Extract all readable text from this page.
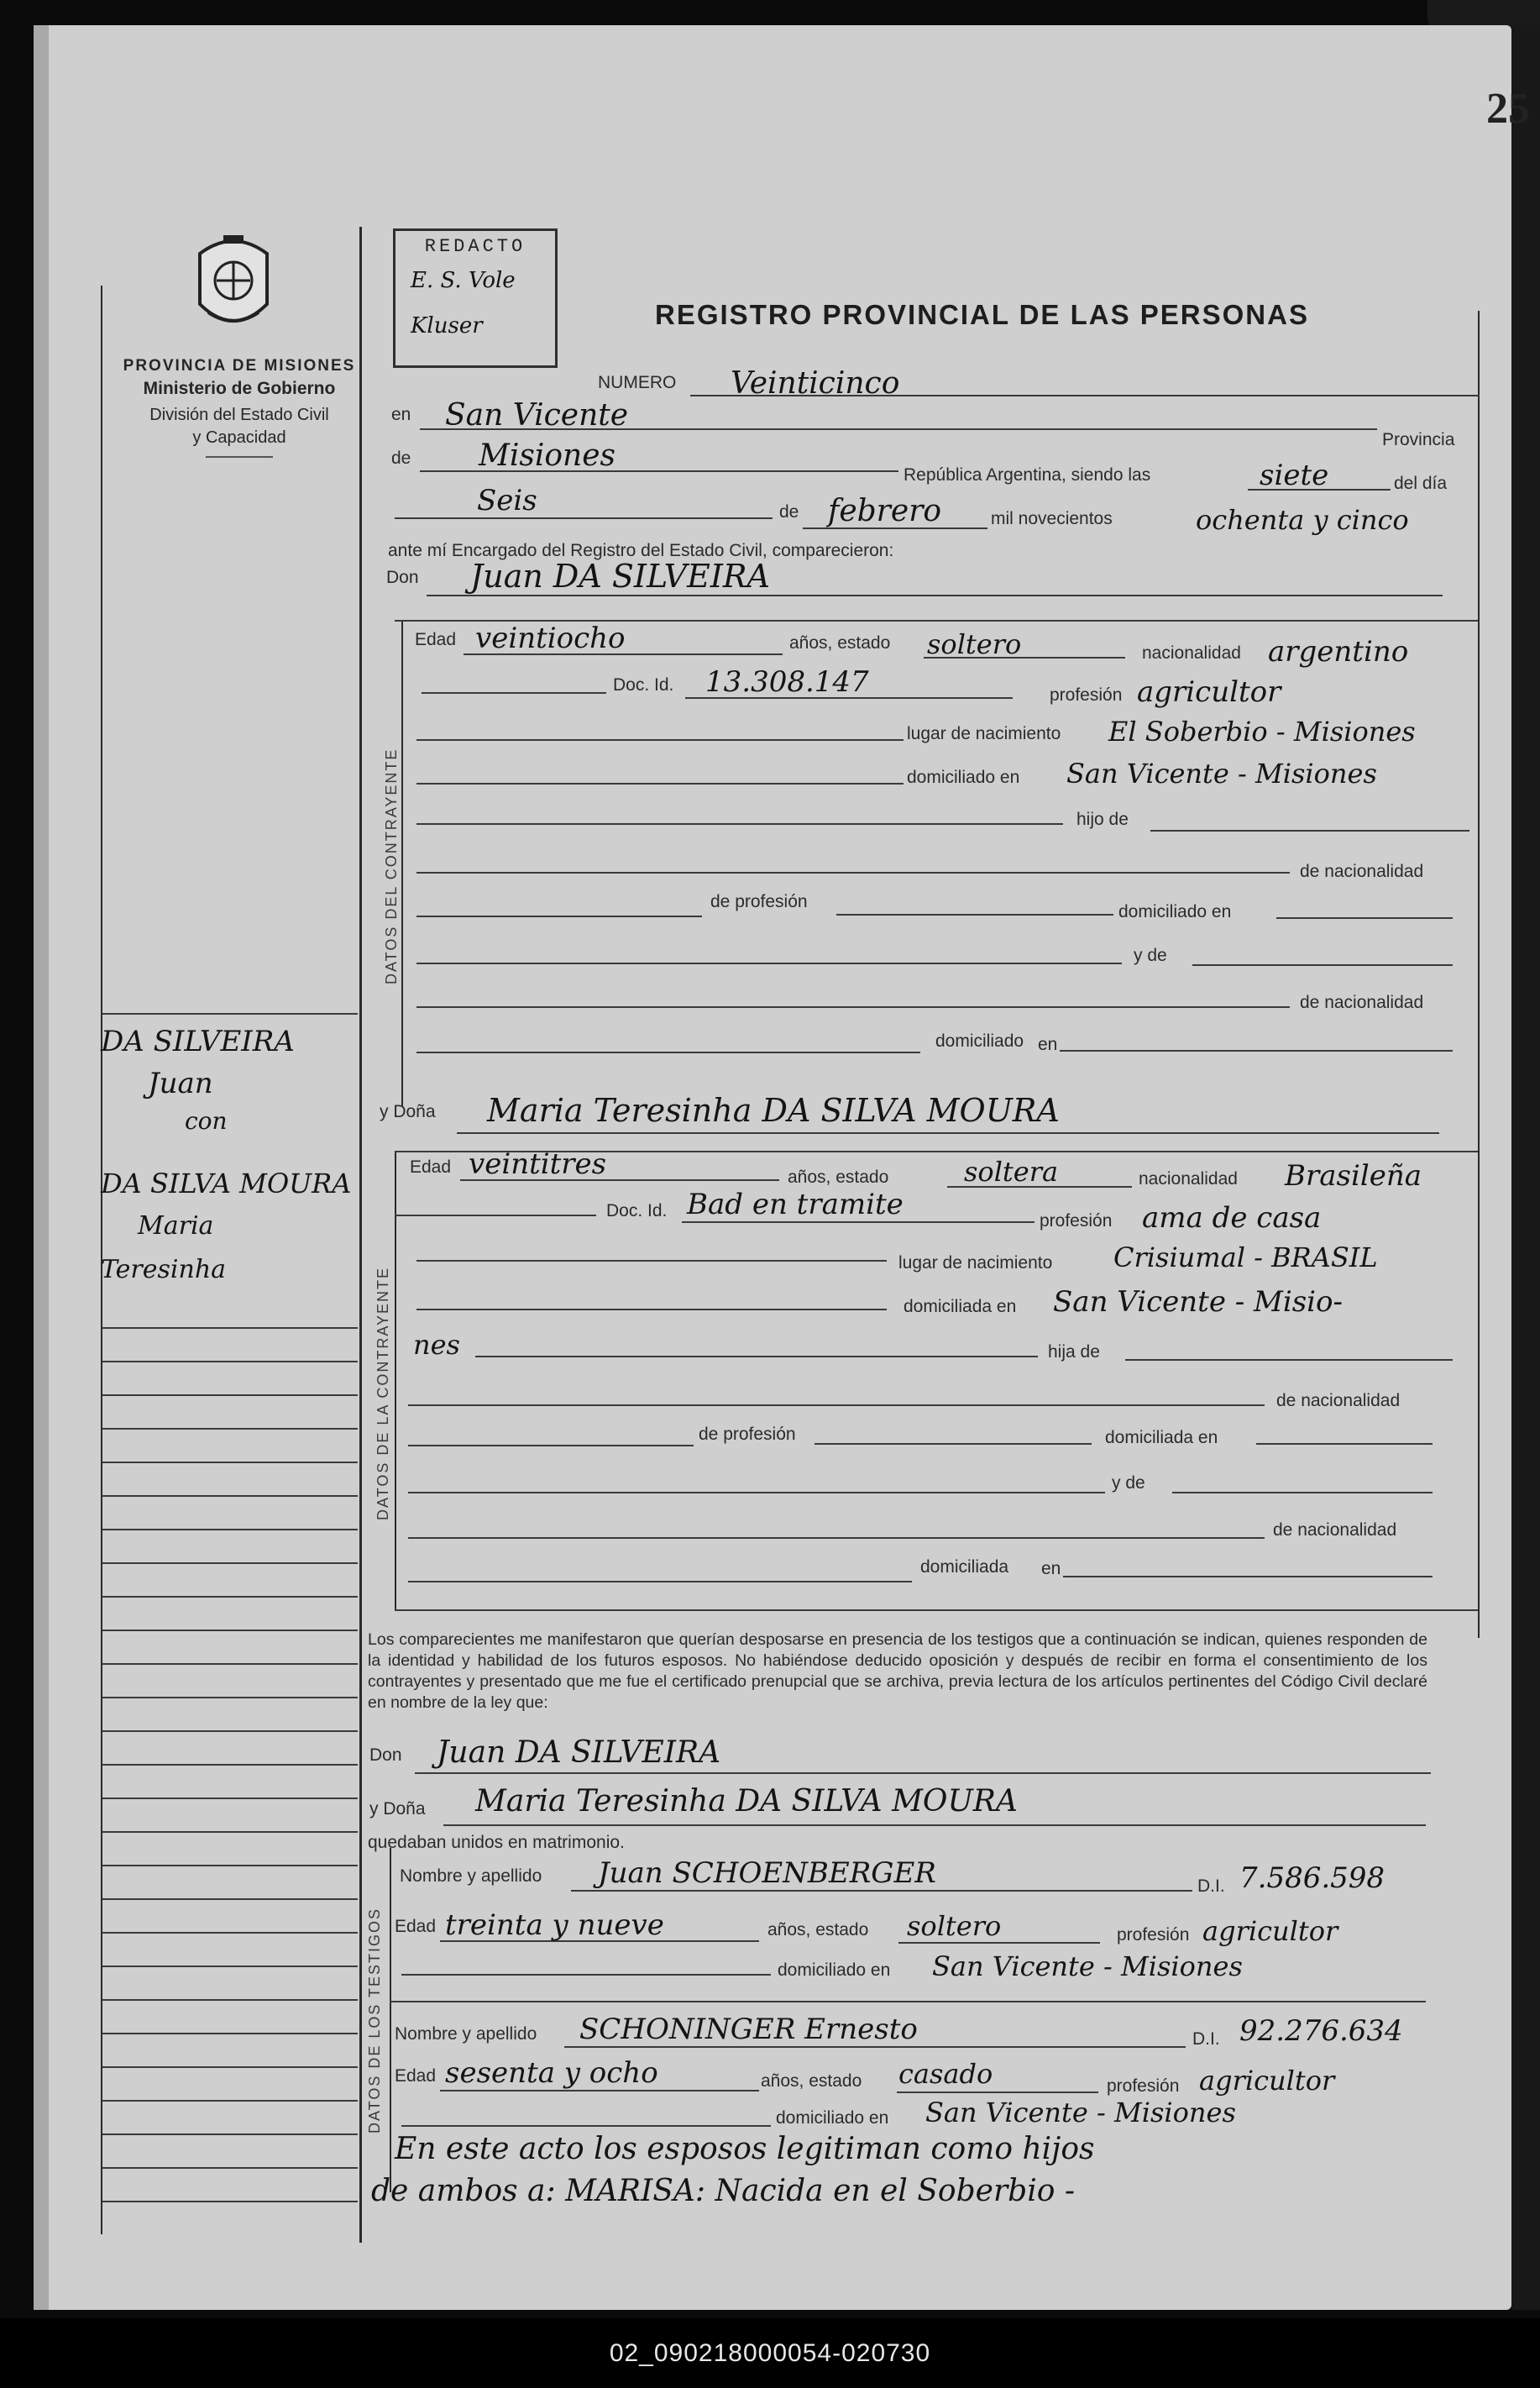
25
PROVINCIA DE MISIONES
Ministerio de Gobierno
División del Estado Civil
y Capacidad
REDACTO
E. S. Vole
Kluser	REGISTRO PROVINCIAL DE LAS PERSONAS
NUMERO Veinticinco
en San Vicente
Provincia
de Misiones
República Argentina, siendo las	siete	del día
Seis	de febrero	mil novecientos	ochenta y cinco
ante mí Encargado del Registro del Estado Civil, comparecieron:
Don Juan DA SILVEIRA
DATOS DEL CONTRAYENTE
Edad veintiocho	años, estado soltero	nacionalidad argentino
Doc. Id. 13.308.147	profesión agricultor
lugar de nacimiento El Soberbio - Misiones
domiciliado en San Vicente - Misiones
hijo de
de nacionalidad
de profesión
domiciliado en
y de
de nacionalidad
domiciliado en
y Doña Maria Teresinha DA SILVA MOURA
DATOS DE LA CONTRAYENTE
Edad veintitres	años, estado	soltera	nacionalidad Brasileña
Doc. Id. Bad en tramite	profesión ama de casa
lugar de nacimiento Crisiumal - BRASIL
domiciliada en San Vicente - Misio-
nes	hija de
de nacionalidad
de profesión	domiciliada en
y de
de nacionalidad
domiciliada en
Los comparecientes me manifestaron que querían desposarse en presencia de los testigos que a continuación se indican, quienes responden de la identidad y habilidad de los futuros esposos. No habiéndose deducido oposición y después de recibir en forma el consentimiento de los contrayentes y presentado que me fue el certificado prenupcial que se archiva, previa lectura de los artículos pertinentes del Código Civil declaré en nombre de la ley que:
Don Juan DA SILVEIRA
y Doña Maria Teresinha DA SILVA MOURA
quedaban unidos en matrimonio.
DATOS DE LOS TESTIGOS
Nombre y apellido Juan SCHOENBERGER	D.I. 7.586.598
Edad treinta y nueve	años, estado soltero	profesión agricultor
domiciliado en San Vicente - Misiones
Nombre y apellido SCHONINGER Ernesto	D.I. 92.276.634
Edad sesenta y ocho	años, estado casado	profesión agricultor
domiciliado en San Vicente - Misiones
En este acto los esposos legitiman como hijos
de ambos a: MARISA: Nacida en el Soberbio -
DA SILVEIRA
Juan
con
DA SILVA MOURA
Maria
Teresinha
02_090218000054-020730
